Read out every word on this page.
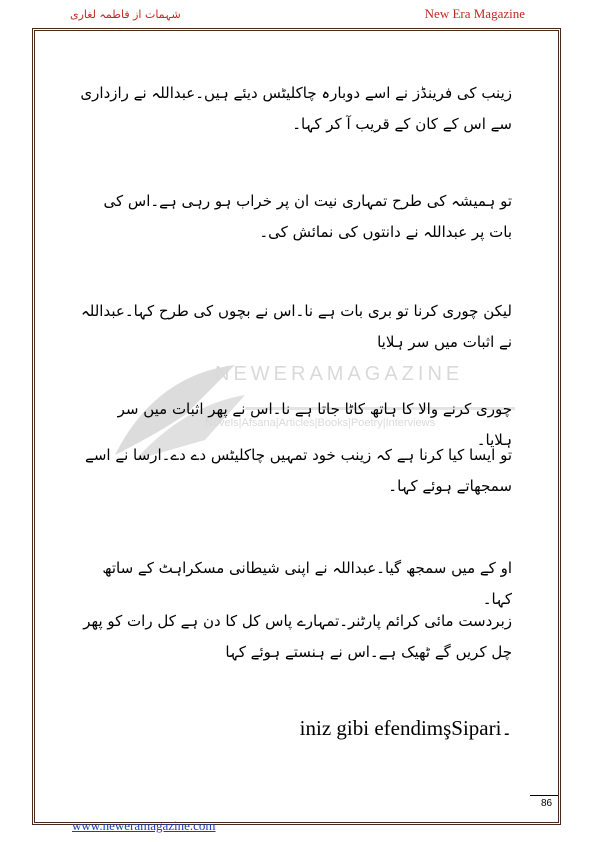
شہمات از فاطمہ لغاری	New Era Magazine
NEWERAMAGAZINE
Novels|Afsana|Articles|Books|Poetry|Interviews

زینب کی فرینڈز نے اسے دوبارہ چاکلیٹس دیئے ہیں۔عبداللہ نے رازداری سے اس کے کان کے قریب آ کر کہا۔

تو ہمیشہ کی طرح تمہاری نیت ان پر خراب ہو رہی ہے۔اس کی بات پر عبداللہ نے دانتوں کی نمائش کی۔

لیکن چوری کرنا تو بری بات ہے نا۔اس نے بچوں کی طرح کہا۔عبداللہ نے اثبات میں سر ہلایا

چوری کرنے والا کا ہاتھ کاٹا جاتا ہے نا۔اس نے پھر اثبات میں سر ہلایا۔

تو ایسا کیا کرنا ہے کہ زینب خود تمہیں چاکلیٹس دے دے۔ارسا نے اسے سمجھاتے ہوئے کہا۔

او کے میں سمجھ گیا۔عبداللہ نے اپنی شیطانی مسکراہٹ کے ساتھ کہا۔

زبردست مائی کرائم پارٹنر۔تمہارے پاس کل کا دن ہے کل رات کو پھر چل کریں گے ٹھیک ہے۔اس نے ہنستے ہوئے کہا

iniz gibi efendimşSipari۔
86
www.neweramagazine.com
